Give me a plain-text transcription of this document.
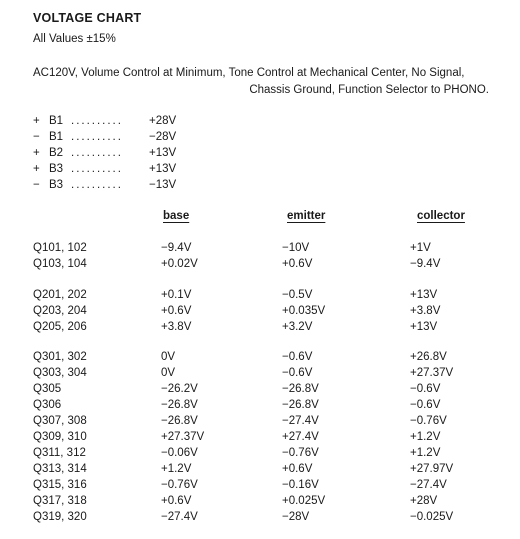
VOLTAGE CHART
All Values ±15%
AC120V, Volume Control at Minimum, Tone Control at Mechanical Center, No Signal,
Chassis Ground, Function Selector to PHONO.
+ B1 .......... +28V
− B1 .......... −28V
+ B2 .......... +13V
+ B3 .......... +13V
− B3 .......... −13V
base	emitter	collector
Q101, 102	−9.4V	−10V	+1V
Q103, 104	+0.02V	+0.6V	−9.4V
Q201, 202	+0.1V	−0.5V	+13V
Q203, 204	+0.6V	+0.035V	+3.8V
Q205, 206	+3.8V	+3.2V	+13V
Q301, 302	0V	−0.6V	+26.8V
Q303, 304	0V	−0.6V	+27.37V
Q305	−26.2V	−26.8V	−0.6V
Q306	−26.8V	−26.8V	−0.6V
Q307, 308	−26.8V	−27.4V	−0.76V
Q309, 310	+27.37V	+27.4V	+1.2V
Q311, 312	−0.06V	−0.76V	+1.2V
Q313, 314	+1.2V	+0.6V	+27.97V
Q315, 316	−0.76V	−0.16V	−27.4V
Q317, 318	+0.6V	+0.025V	+28V
Q319, 320	−27.4V	−28V	−0.025V
